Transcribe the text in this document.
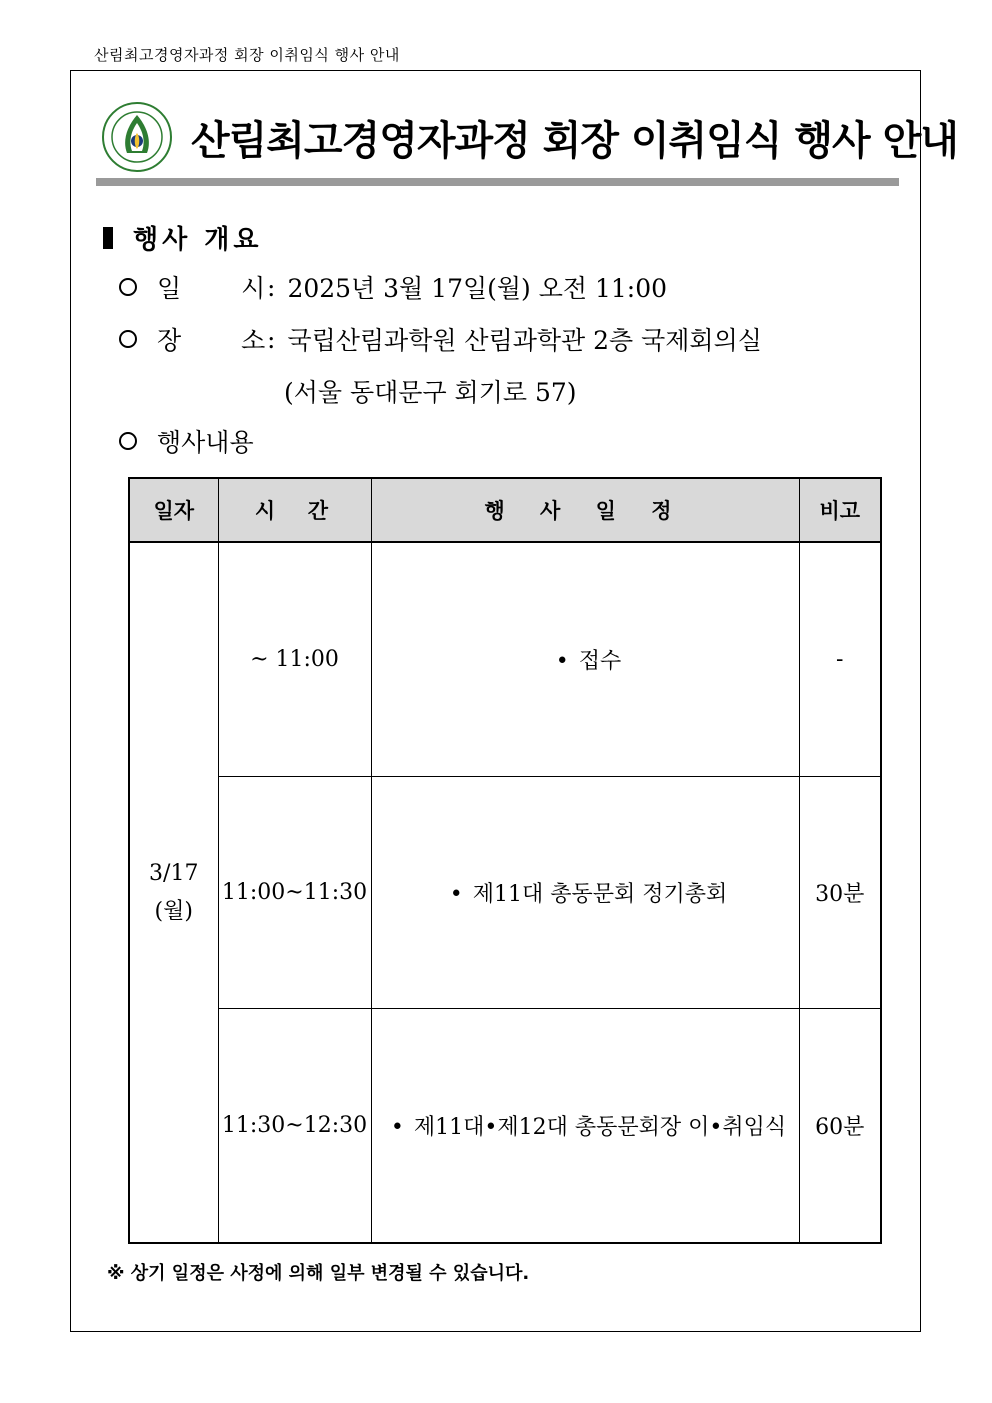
산림최고경영자과정 회장 이취임식 행사 안내
산림최고경영자과정 회장 이취임식 행사 안내
행사 개요
일 시 : 2025년 3월 17일(월) 오전 11:00
장 소 : 국립산림과학원 산림과학관 2층 국제회의실
(서울 동대문구 회기로 57)
행사내용
일자	시  간	행 사 일 정	비고

3/17
(월)	~ 11:00	• 접수	-
	11:00~11:30	• 제11대 총동문회 정기총회	30분
	11:30~12:30	• 제11대•제12대 총동문회장 이•취임식	60분
※ 상기 일정은 사정에 의해 일부 변경될 수 있습니다.
